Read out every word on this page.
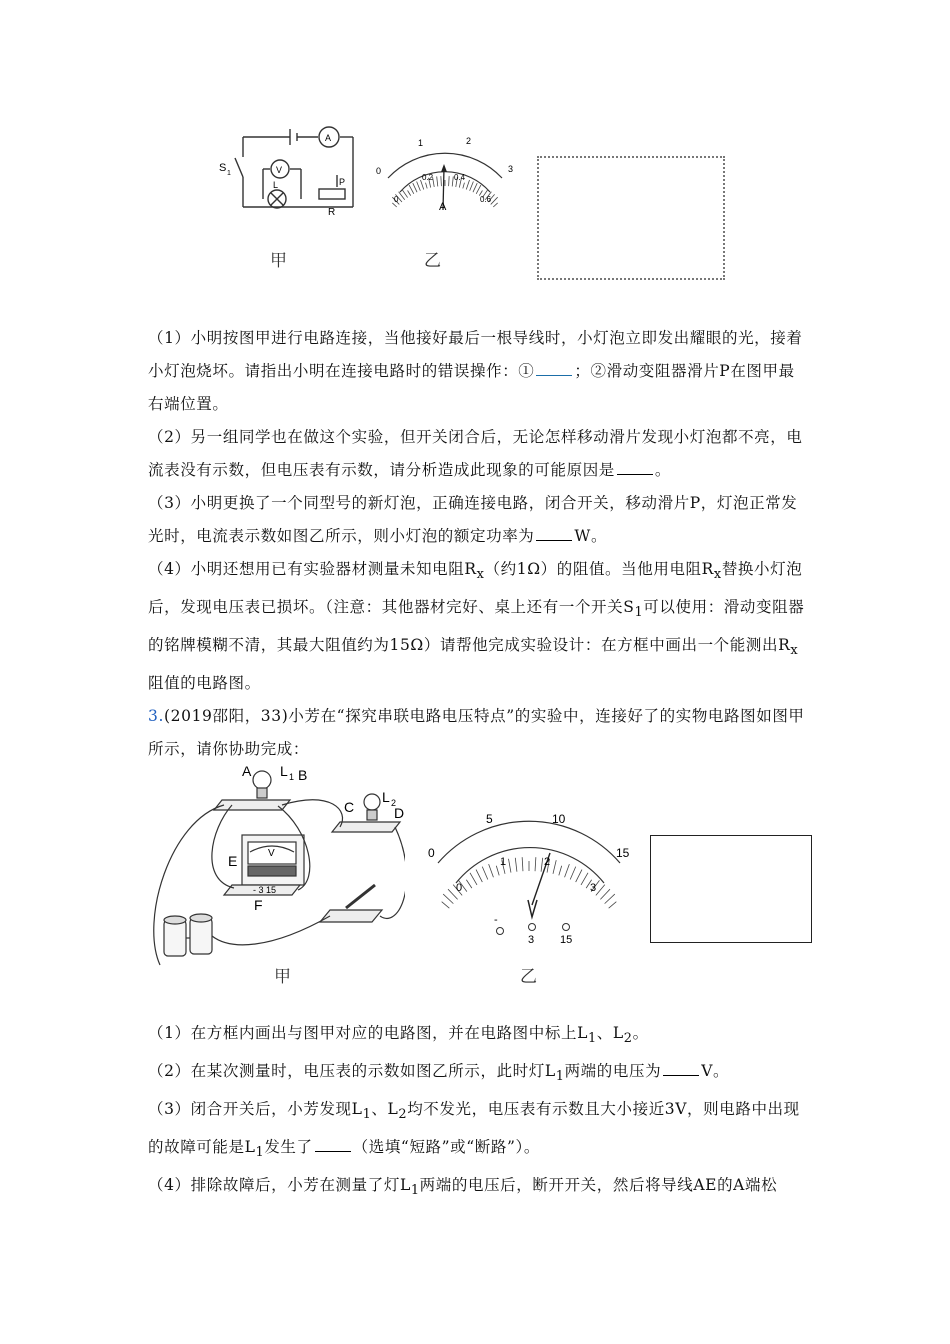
A
V
S 1
L
R
P
0
1	2
3
0
0.2	0.4
0.6
A
甲	乙

（1）小明按图甲进行电路连接，当他接好最后一根导线时，小灯泡立即发出耀眼的光，接着小灯泡烧坏。请指出小明在连接电路时的错误操作：①	；②滑动变阻器滑片P在图甲最右端位置。

（2）另一组同学也在做这个实验，但开关闭合后，无论怎样移动滑片发现小灯泡都不亮，电流表没有示数，但电压表有示数，请分析造成此现象的可能原因是	。

（3）小明更换了一个同型号的新灯泡，正确连接电路，闭合开关，移动滑片P，灯泡正常发光时，电流表示数如图乙所示，则小灯泡的额定功率为	W。

（4）小明还想用已有实验器材测量未知电阻$R_x$（约1Ω）的阻值。当他用电阻$R_x$替换小灯泡后，发现电压表已损坏。（注意：其他器材完好、桌上还有一个开关$S_1$可以使用：滑动变阻器的铭牌模糊不清，其最大阻值约为15Ω）请帮他完成实验设计：在方框中画出一个能测出$R_x$阻值的电路图。

3.(2019邵阳，33)小芳在“探究串联电路电压特点”的实验中，连接好了的实物电路图如图甲所示，请你协助完成：

A L 1 B
C
L 2
D
V
E
- 3 15
F
0
5	10
15
0
1	2
3
-
3 15
甲	乙

（1）在方框内画出与图甲对应的电路图，并在电路图中标上$L_1$、$L_2$。

（2）在某次测量时，电压表的示数如图乙所示，此时灯$L_1$两端的电压为	V。

（3）闭合开关后，小芳发现$L_1$、$L_2$均不发光，电压表有示数且大小接近3V，则电路中出现的故障可能是$L_1$发生了	（选填“短路”或“断路”）。

（4）排除故障后，小芳在测量了灯$L_1$两端的电压后，断开开关，然后将导线AE的A端松
